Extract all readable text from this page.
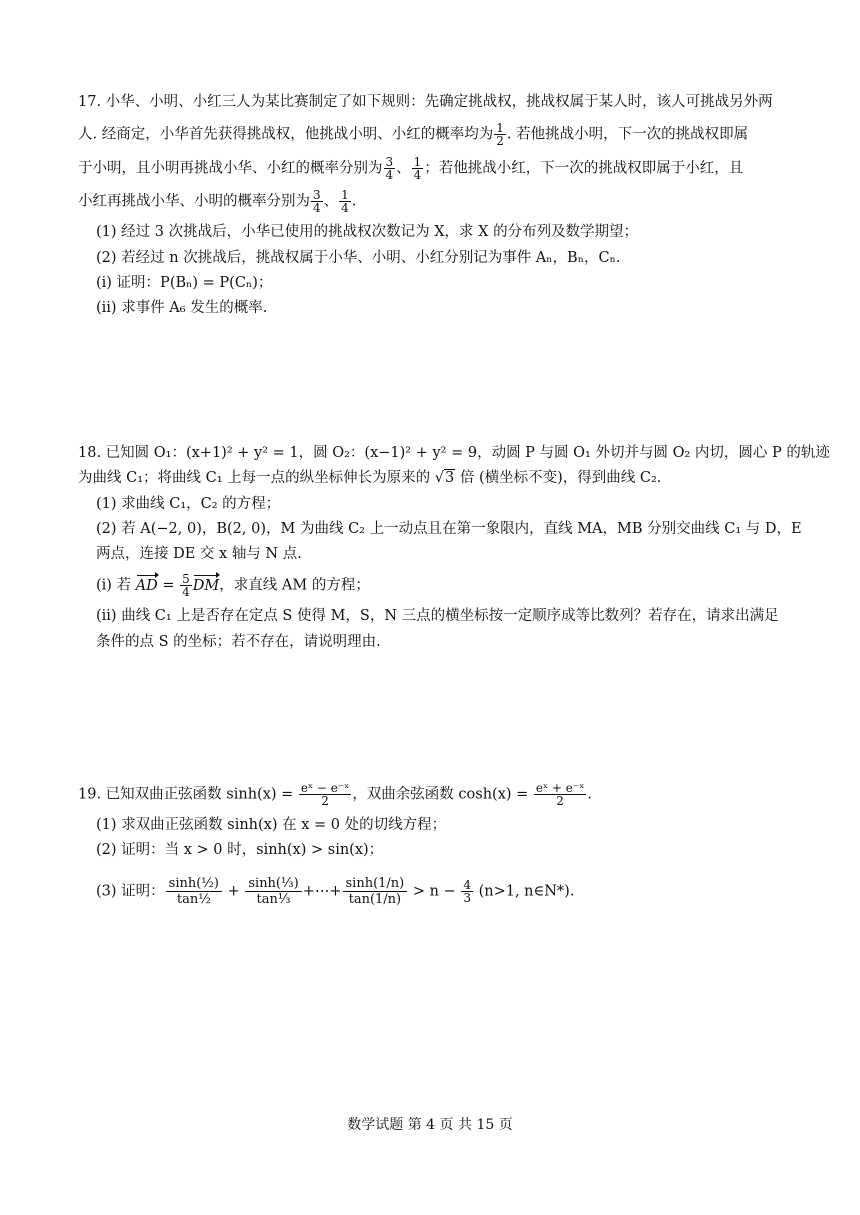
17. 小华、小明、小红三人为某比赛制定了如下规则：先确定挑战权，挑战权属于某人时，该人可挑战另外两
人. 经商定，小华首先获得挑战权，他挑战小明、小红的概率均为 $\frac{1}{2}$ . 若他挑战小明，下一次的挑战权即属
于小明，且小明再挑战小华、小红的概率分别为 $\frac{3}{4}$ 、 $\frac{1}{4}$ ；若他挑战小红，下一次的挑战权即属于小红，且
小红再挑战小华、小明的概率分别为 $\frac{3}{4}$ 、 $\frac{1}{4}$ .
(1) 经过 3 次挑战后，小华已使用的挑战权次数记为 X，求 X 的分布列及数学期望；
(2) 若经过 n 次挑战后，挑战权属于小华、小明、小红分别记为事件 Aₙ，Bₙ，Cₙ.
(i) 证明：P(Bₙ) = P(Cₙ)；
(ii) 求事件 A₆ 发生的概率.
18. 已知圆 O₁：(x+1)² + y² = 1，圆 O₂：(x−1)² + y² = 9，动圆 P 与圆 O₁ 外切并与圆 O₂ 内切，圆心 P 的轨迹
为曲线 C₁；将曲线 C₁ 上每一点的纵坐标伸长为原来的 √3 倍 (横坐标不变)，得到曲线 C₂.
(1) 求曲线 C₁，C₂ 的方程；
(2) 若 A(−2, 0)，B(2, 0)，M 为曲线 C₂ 上一动点且在第一象限内，直线 MA，MB 分别交曲线 C₁ 与 D，E
两点，连接 DE 交 x 轴与 N 点.
(i) 若 AD = $\frac{5}{4}$ DM，求直线 AM 的方程；
(ii) 曲线 C₁ 上是否存在定点 S 使得 M，S，N 三点的横坐标按一定顺序成等比数列？若存在，请求出满足
条件的点 S 的坐标；若不存在，请说明理由.
19. 已知双曲正弦函数 $\sinh(x) = \frac{\text{eˣ − e⁻ˣ}}{2}$ ，双曲余弦函数 $\cosh(x) = \frac{\text{eˣ + e⁻ˣ}}{2}$ .
(1) 求双曲正弦函数 sinh(x) 在 x = 0 处的切线方程；
(2) 证明：当 x > 0 时，sinh(x) > sin(x)；
(3) 证明： $\frac{\text{sinh(½)}}{\text{tan½}} + \frac{\text{sinh(⅓)}}{\text{tan⅓}}$ +⋯+ $\frac{\sinh(1/n)}{\tan(1/n)} > n - \frac{4}{3} (n>1$, n∈N*).
数学试题 第 4 页 共 15 页
